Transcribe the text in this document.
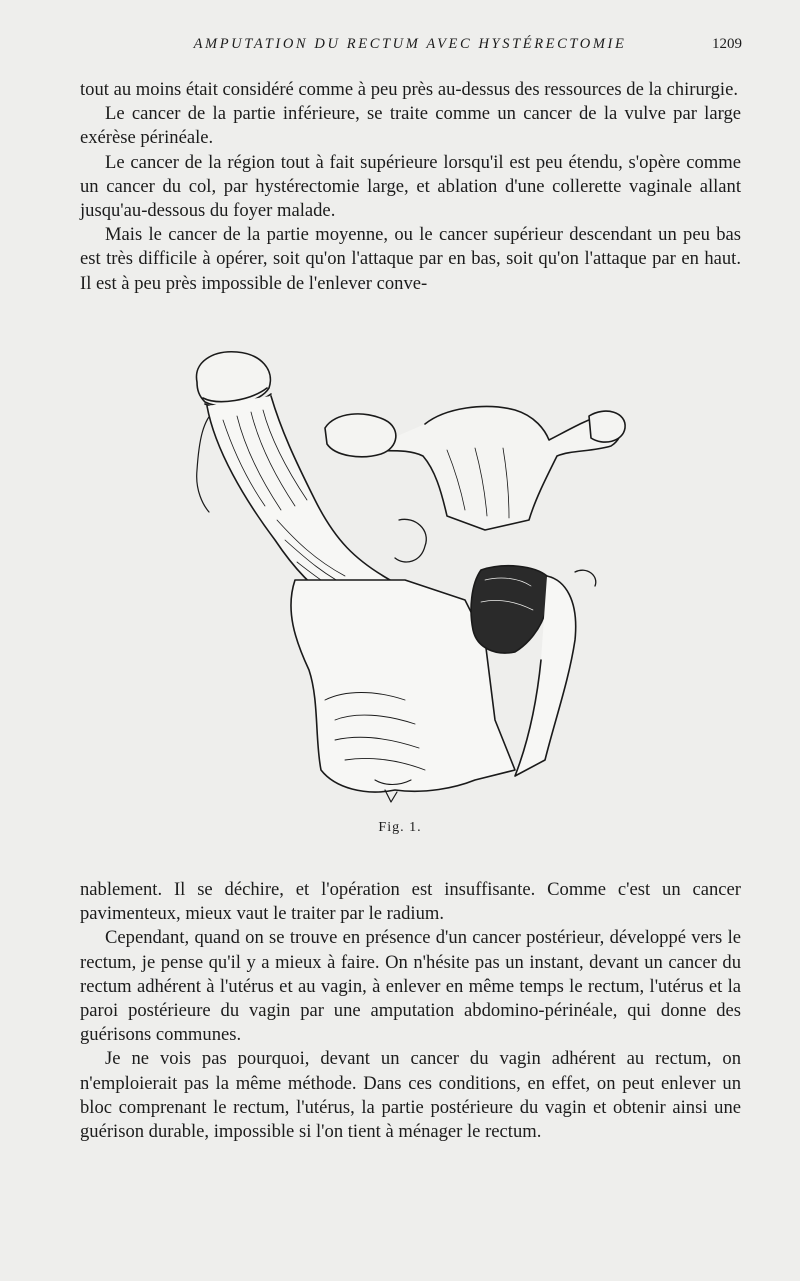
AMPUTATION DU RECTUM AVEC HYSTÉRECTOMIE	1209

tout au moins était considéré comme à peu près au-dessus des ressources de la chirurgie.

Le cancer de la partie inférieure, se traite comme un cancer de la vulve par large exérèse périnéale.

Le cancer de la région tout à fait supérieure lorsqu'il est peu étendu, s'opère comme un cancer du col, par hystérectomie large, et ablation d'une collerette vaginale allant jusqu'au-dessous du foyer malade.

Mais le cancer de la partie moyenne, ou le cancer supérieur descendant un peu bas est très difficile à opérer, soit qu'on l'attaque par en bas, soit qu'on l'attaque par en haut. Il est à peu près impossible de l'enlever conve-

Fig. 1.

nablement. Il se déchire, et l'opération est insuffisante. Comme c'est un cancer pavimenteux, mieux vaut le traiter par le radium.

Cependant, quand on se trouve en présence d'un cancer postérieur, développé vers le rectum, je pense qu'il y a mieux à faire. On n'hésite pas un instant, devant un cancer du rectum adhérent à l'utérus et au vagin, à enlever en même temps le rectum, l'utérus et la paroi postérieure du vagin par une amputation abdomino-périnéale, qui donne des guérisons communes.

Je ne vois pas pourquoi, devant un cancer du vagin adhérent au rectum, on n'emploierait pas la même méthode. Dans ces conditions, en effet, on peut enlever un bloc comprenant le rectum, l'utérus, la partie postérieure du vagin et obtenir ainsi une guérison durable, impossible si l'on tient à ménager le rectum.
